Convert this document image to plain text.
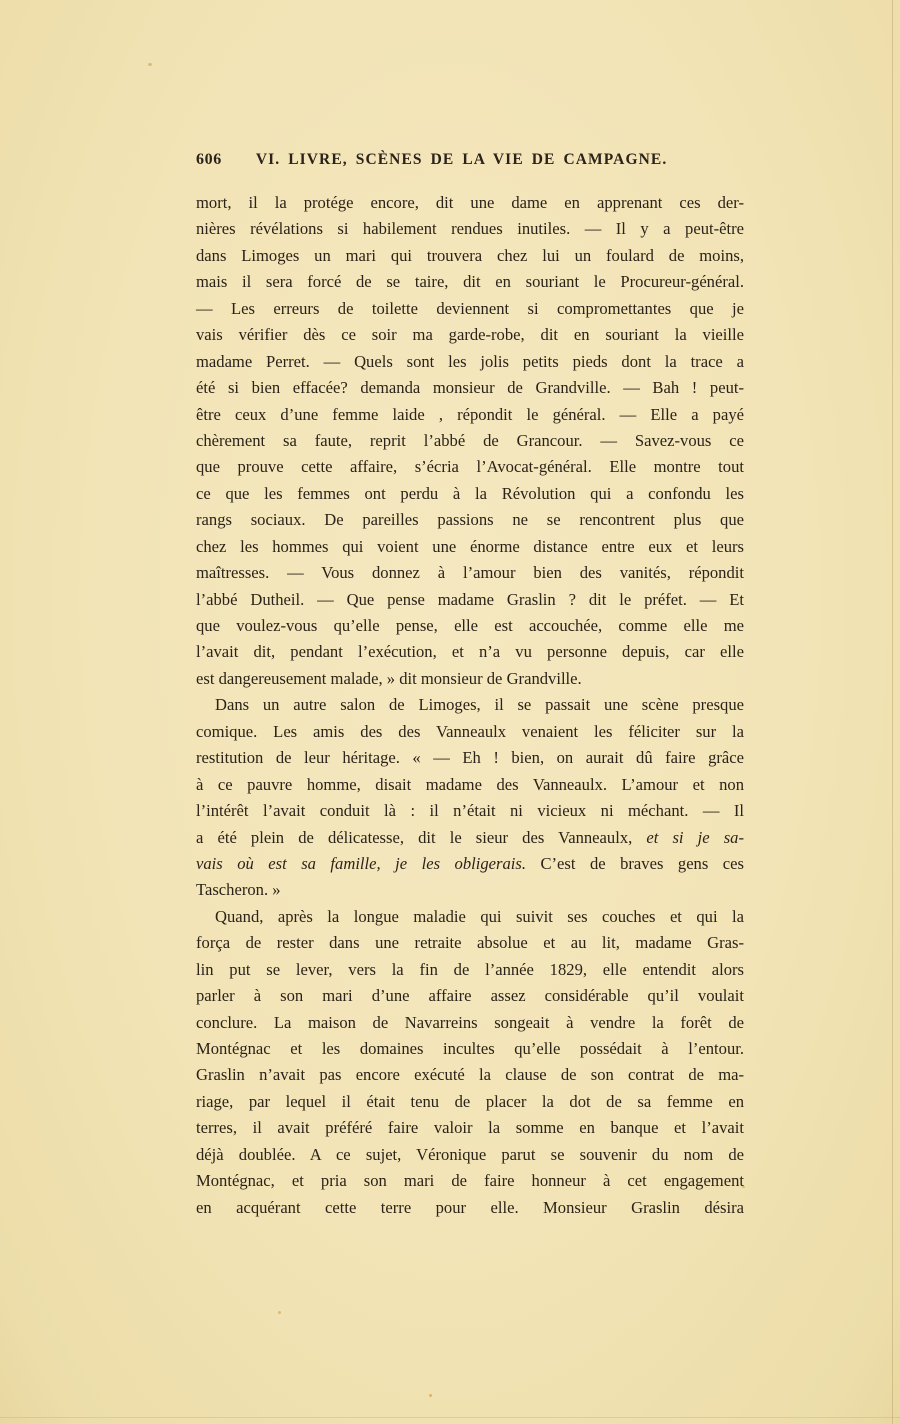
606 VI. LIVRE, SCÈNES DE LA VIE DE CAMPAGNE.
mort, il la protége encore, dit une dame en apprenant ces der-
nières révélations si habilement rendues inutiles. — Il y a peut-être
dans Limoges un mari qui trouvera chez lui un foulard de moins,
mais il sera forcé de se taire, dit en souriant le Procureur-général.
— Les erreurs de toilette deviennent si compromettantes que je
vais vérifier dès ce soir ma garde-robe, dit en souriant la vieille
madame Perret. — Quels sont les jolis petits pieds dont la trace a
été si bien effacée? demanda monsieur de Grandville. — Bah ! peut-
être ceux d’une femme laide , répondit le général. — Elle a payé
chèrement sa faute, reprit l’abbé de Grancour. — Savez-vous ce
que prouve cette affaire, s’écria l’Avocat-général. Elle montre tout
ce que les femmes ont perdu à la Révolution qui a confondu les
rangs sociaux. De pareilles passions ne se rencontrent plus que
chez les hommes qui voient une énorme distance entre eux et leurs
maîtresses. — Vous donnez à l’amour bien des vanités, répondit
l’abbé Dutheil. — Que pense madame Graslin ? dit le préfet. — Et
que voulez-vous qu’elle pense, elle est accouchée, comme elle me
l’avait dit, pendant l’exécution, et n’a vu personne depuis, car elle
est dangereusement malade, » dit monsieur de Grandville.
Dans un autre salon de Limoges, il se passait une scène presque
comique. Les amis des des Vanneaulx venaient les féliciter sur la
restitution de leur héritage. « — Eh ! bien, on aurait dû faire grâce
à ce pauvre homme, disait madame des Vanneaulx. L’amour et non
l’intérêt l’avait conduit là : il n’était ni vicieux ni méchant. — Il
a été plein de délicatesse, dit le sieur des Vanneaulx, et si je sa-
vais où est sa famille, je les obligerais. C’est de braves gens ces
Tascheron. »
Quand, après la longue maladie qui suivit ses couches et qui la
força de rester dans une retraite absolue et au lit, madame Gras-
lin put se lever, vers la fin de l’année 1829, elle entendit alors
parler à son mari d’une affaire assez considérable qu’il voulait
conclure. La maison de Navarreins songeait à vendre la forêt de
Montégnac et les domaines incultes qu’elle possédait à l’entour.
Graslin n’avait pas encore exécuté la clause de son contrat de ma-
riage, par lequel il était tenu de placer la dot de sa femme en
terres, il avait préféré faire valoir la somme en banque et l’avait
déjà doublée. A ce sujet, Véronique parut se souvenir du nom de
Montégnac, et pria son mari de faire honneur à cet engagement
en acquérant cette terre pour elle. Monsieur Graslin désira
